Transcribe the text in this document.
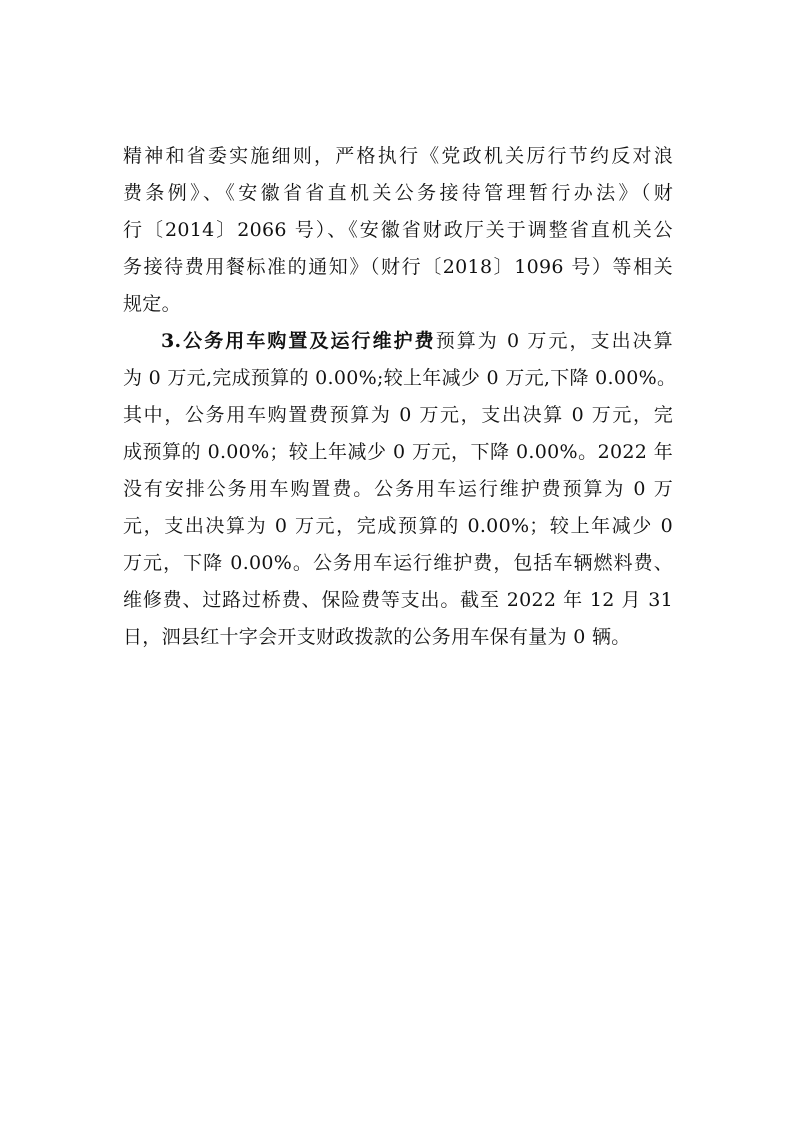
精神和省委实施细则，严格执行《党政机关厉行节约反对浪
费条例》、《安徽省省直机关公务接待管理暂行办法》（财
行〔2014〕2066 号）、《安徽省财政厅关于调整省直机关公
务接待费用餐标准的通知》（财行〔2018〕1096 号）等相关
规定。
3.公务用车购置及运行维护费预算为 0 万元，支出决算
为 0 万元,完成预算的 0.00%;较上年减少 0 万元,下降 0.00%。
其中，公务用车购置费预算为 0 万元，支出决算 0 万元，完
成预算的 0.00%；较上年减少 0 万元，下降 0.00%。2022 年
没有安排公务用车购置费。公务用车运行维护费预算为 0 万
元，支出决算为 0 万元，完成预算的 0.00%；较上年减少 0
万元，下降 0.00%。公务用车运行维护费，包括车辆燃料费、
维修费、过路过桥费、保险费等支出。截至 2022 年 12 月 31
日，泗县红十字会开支财政拨款的公务用车保有量为 0 辆。
